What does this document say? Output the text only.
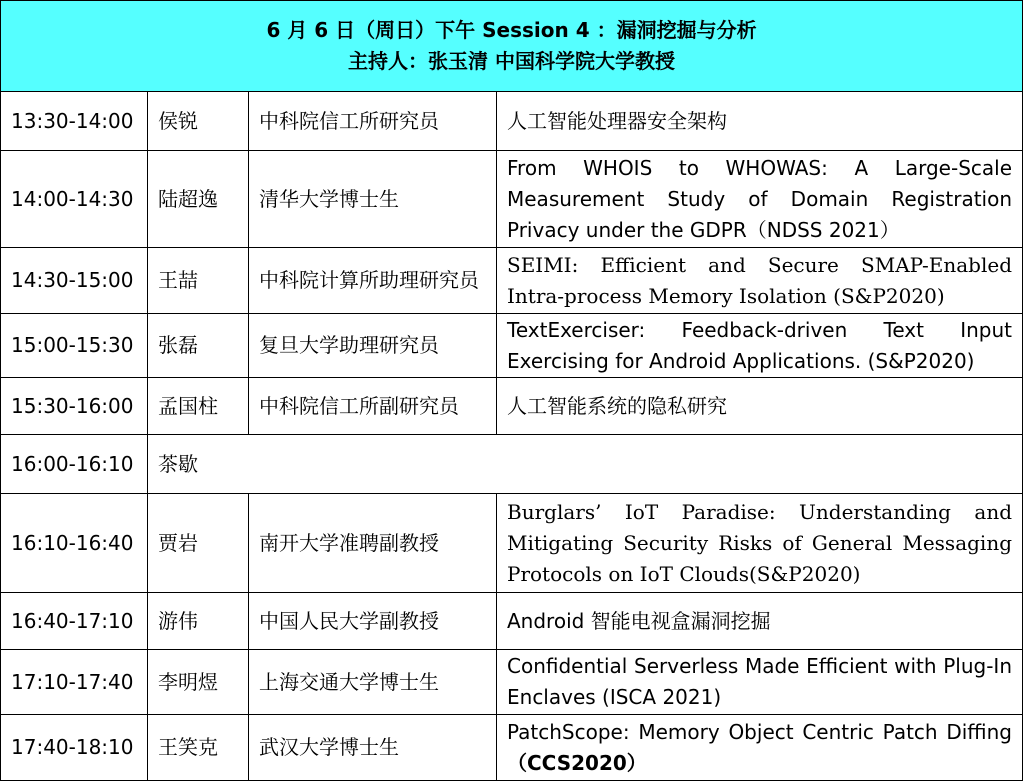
6 月 6 日（周日）下午 Session 4 ：漏洞挖掘与分析
主持人：张玉清 中国科学院大学教授			

13:30-14:00	侯锐	中科院信工所研究员	人工智能处理器安全架构
14:00-14:30	陆超逸	清华大学博士生	From WHOIS to WHOWAS: A Large-Scale Measurement Study of Domain Registration Privacy under the GDPR（NDSS 2021）
14:30-15:00	王喆	中科院计算所助理研究员	SEIMI: Efficient and Secure SMAP-Enabled Intra-process Memory Isolation (S&P2020)
15:00-15:30	张磊	复旦大学助理研究员	TextExerciser: Feedback-driven Text Input Exercising for Android Applications. (S&P2020)
15:30-16:00	孟国柱	中科院信工所副研究员	人工智能系统的隐私研究
16:00-16:10	茶歇		
16:10-16:40	贾岩	南开大学准聘副教授	Burglars’ IoT Paradise: Understanding and Mitigating Security Risks of General Messaging Protocols on IoT Clouds(S&P2020)
16:40-17:10	游伟	中国人民大学副教授	Android 智能电视盒漏洞挖掘
17:10-17:40	李明煜	上海交通大学博士生	Confidential Serverless Made Efficient with Plug-In Enclaves (ISCA 2021)
17:40-18:10	王笑克	武汉大学博士生	PatchScope: Memory Object Centric Patch Diffing （CCS2020）
